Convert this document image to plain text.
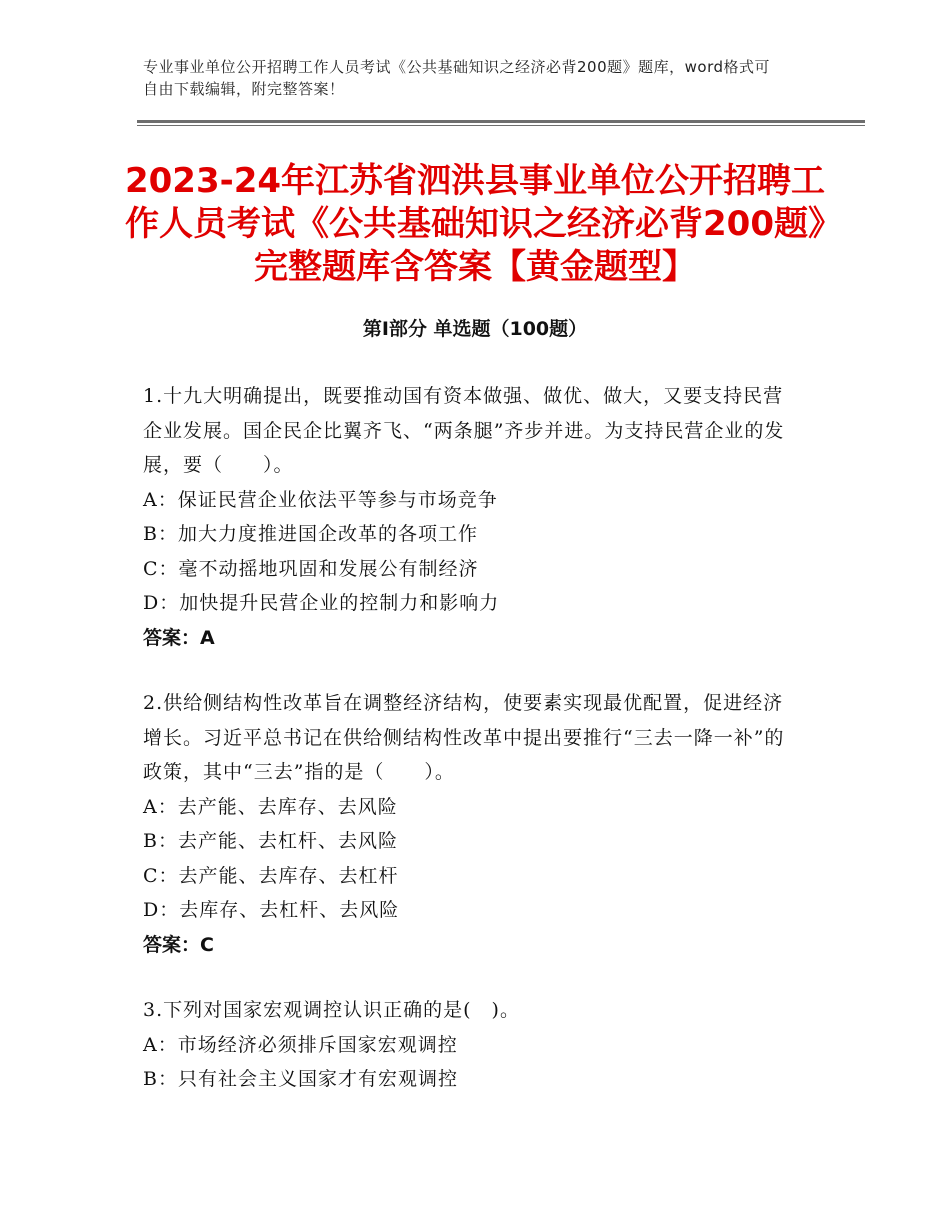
专业事业单位公开招聘工作人员考试《公共基础知识之经济必背200题》题库，word格式可自由下载编辑，附完整答案！
2023-24年江苏省泗洪县事业单位公开招聘工作人员考试《公共基础知识之经济必背200题》完整题库含答案【黄金题型】
第Ⅰ部分 单选题（100题）

1.十九大明确提出，既要推动国有资本做强、做优、做大，又要支持民营企业发展。国企民企比翼齐飞、“两条腿”齐步并进。为支持民营企业的发展，要（　　）。

A：保证民营企业依法平等参与市场竞争
B：加大力度推进国企改革的各项工作
C：毫不动摇地巩固和发展公有制经济
D：加快提升民营企业的控制力和影响力
答案：A

2.供给侧结构性改革旨在调整经济结构，使要素实现最优配置，促进经济增长。习近平总书记在供给侧结构性改革中提出要推行“三去一降一补”的政策，其中“三去”指的是（　　）。

A：去产能、去库存、去风险
B：去产能、去杠杆、去风险
C：去产能、去库存、去杠杆
D：去库存、去杠杆、去风险
答案：C

3.下列对国家宏观调控认识正确的是(　)。

A：市场经济必须排斥国家宏观调控
B：只有社会主义国家才有宏观调控
